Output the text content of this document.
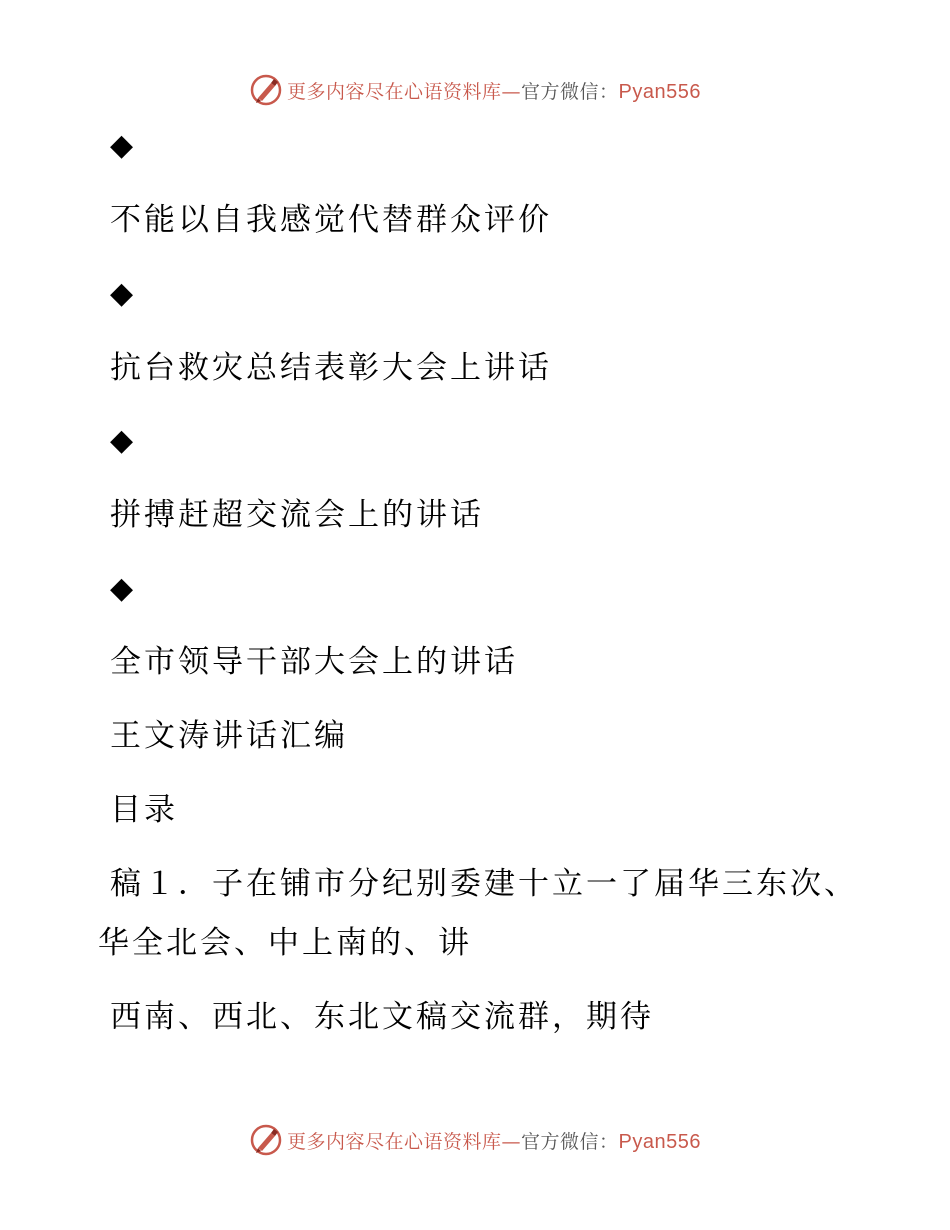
更多内容尽在心语资料库—官方微信：Pyan556
◆
不能以自我感觉代替群众评价
◆
抗台救灾总结表彰大会上讲话
◆
拼搏赶超交流会上的讲话
◆
全市领导干部大会上的讲话
王文涛讲话汇编
目录
稿１．子在铺市分纪别委建十立一了届华三东次、
华全北会、中上南的、讲
西南、西北、东北文稿交流群，期待
更多内容尽在心语资料库—官方微信：Pyan556
